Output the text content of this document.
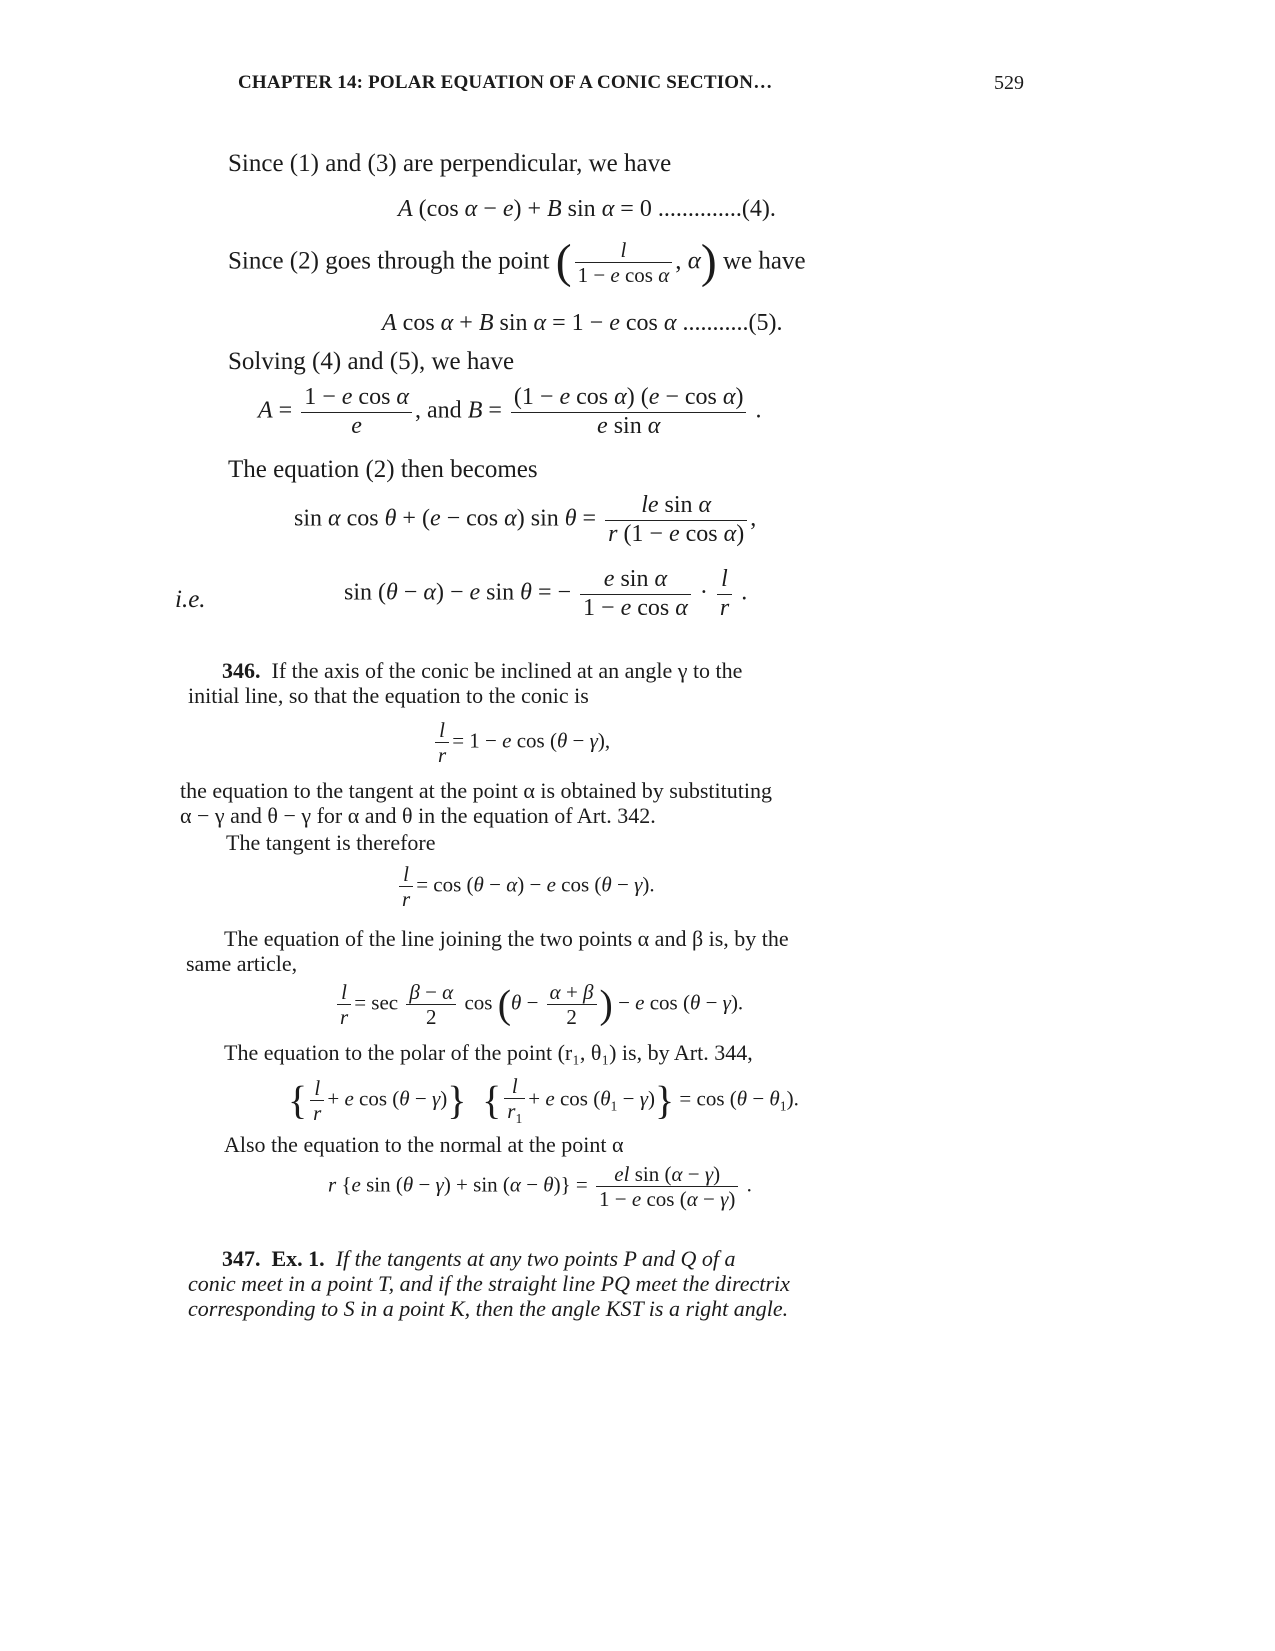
CHAPTER 14: POLAR EQUATION OF A CONIC SECTION…	529
Since (1) and (3) are perpendicular, we have
A (cos α − e) + B sin α = 0 ..............(4).
Since (2) goes through the point ( $\frac{l}{\text{1 − e cos α}}$ , α) we have
A cos α + B sin α = 1 − e cos α ...........(5).
Solving (4) and (5), we have
$A = \frac{\text{1 − e cos α}}{e}$ , and $B = \frac{\text{(1 − e cos α) (e − cos α)}}{\text{e sin α}}$ .
The equation (2) then becomes
sin α cos θ + (e − cos α) $\sin \theta = \frac{\text{le sin α}}{\text{r (1 − e cos α)}}$ ,
i.e.	sin (θ − α) − e sin θ = − $\frac{\text{e sin α}}{\text{1 − e cos α}} \cdot \frac{l}{r}$ .
346. If the axis of the conic be inclined at an angle γ to the
initial line, so that the equation to the conic is
$\frac{l}{r} = 1 - e$ cos (θ − γ),
the equation to the tangent at the point α is obtained by substituting
α − γ and θ − γ for α and θ in the equation of Art. 342.
The tangent is therefore
$\frac{l}{r} = \cos (\theta - \alpha) - e$ cos (θ − γ).
The equation of the line joining the two points α and β is, by the
same article,
$\frac{l}{r} = \sec \frac{\beta - \alpha}{2}$ $\cos (\theta - \frac{\alpha + \beta}{2}$ ) − e cos (θ − γ).
The equation to the polar of the point (r₁, θ₁) is, by Art. 344,
{ $\frac{l}{r} + e$ cos (θ − γ)} { $\frac{l}{r_1} + e$ $\cos (\theta_1 - \gamma)\} = \cos (\theta - \theta_1)$.
Also the equation to the normal at the point α
r {e $\sin (\theta - \gamma) + \sin (\alpha - \theta)\} = \frac{\text{el sin (α − γ)}}{\text{1 − e cos (α − γ)}}$ .
347. Ex. 1. If the tangents at any two points P and Q of a
conic meet in a point T, and if the straight line PQ meet the directrix
corresponding to S in a point K, then the angle KST is a right angle.
